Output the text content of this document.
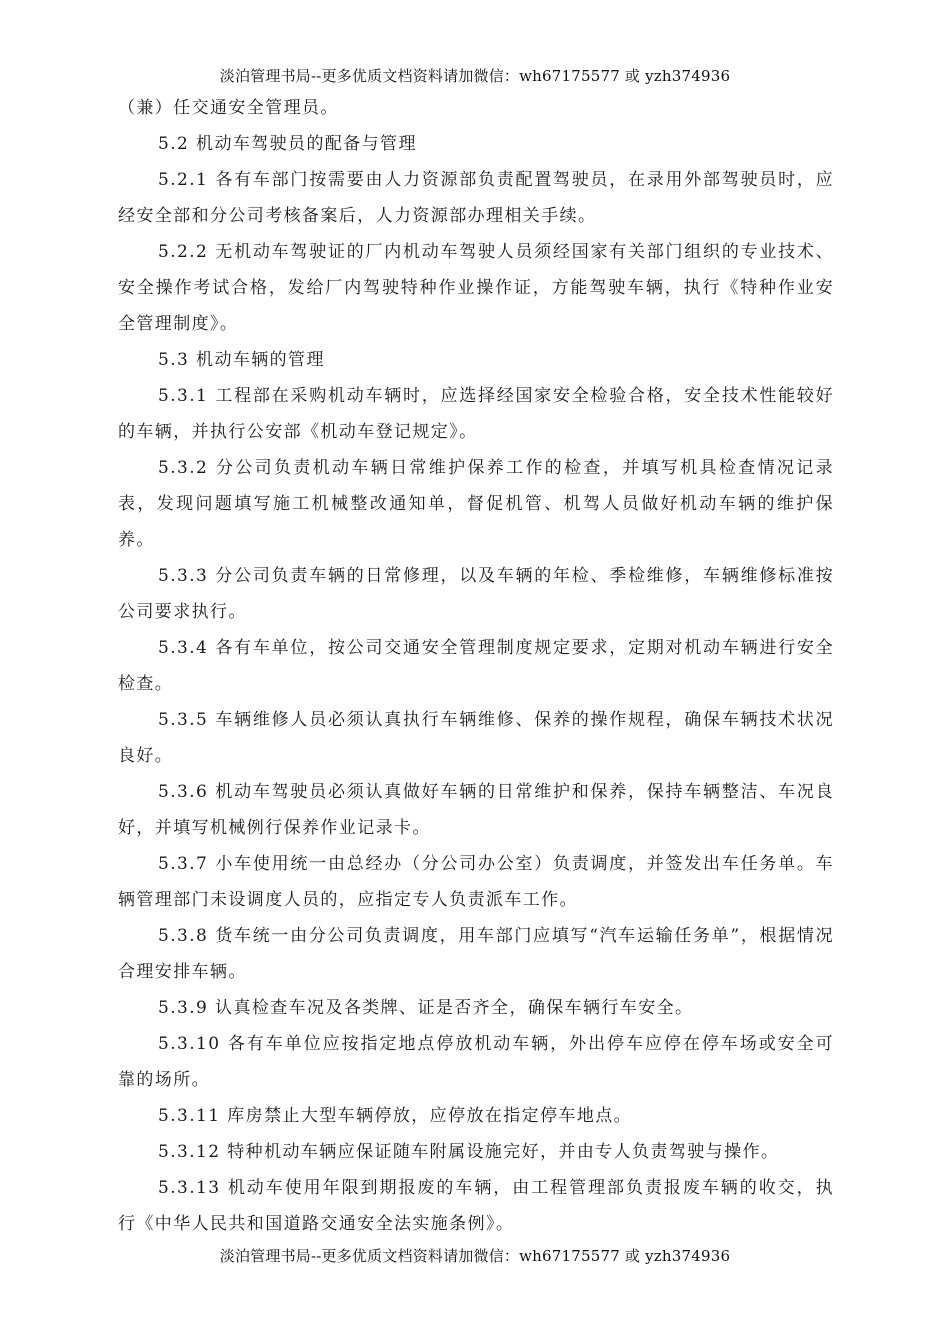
淡泊管理书局--更多优质文档资料请加微信：wh67175577 或 yzh374936

（兼）任交通安全管理员。

5.2 机动车驾驶员的配备与管理

5.2.1 各有车部门按需要由人力资源部负责配置驾驶员，在录用外部驾驶员时，应经安全部和分公司考核备案后，人力资源部办理相关手续。

5.2.2 无机动车驾驶证的厂内机动车驾驶人员须经国家有关部门组织的专业技术、安全操作考试合格，发给厂内驾驶特种作业操作证，方能驾驶车辆，执行《特种作业安全管理制度》。

5.3 机动车辆的管理

5.3.1 工程部在采购机动车辆时，应选择经国家安全检验合格，安全技术性能较好的车辆，并执行公安部《机动车登记规定》。

5.3.2 分公司负责机动车辆日常维护保养工作的检查，并填写机具检查情况记录表，发现问题填写施工机械整改通知单，督促机管、机驾人员做好机动车辆的维护保养。

5.3.3 分公司负责车辆的日常修理，以及车辆的年检、季检维修，车辆维修标准按公司要求执行。

5.3.4 各有车单位，按公司交通安全管理制度规定要求，定期对机动车辆进行安全检查。

5.3.5 车辆维修人员必须认真执行车辆维修、保养的操作规程，确保车辆技术状况良好。

5.3.6 机动车驾驶员必须认真做好车辆的日常维护和保养，保持车辆整洁、车况良好，并填写机械例行保养作业记录卡。

5.3.7 小车使用统一由总经办（分公司办公室）负责调度，并签发出车任务单。车辆管理部门未设调度人员的，应指定专人负责派车工作。

5.3.8 货车统一由分公司负责调度，用车部门应填写“汽车运输任务单”，根据情况合理安排车辆。

5.3.9 认真检查车况及各类牌、证是否齐全，确保车辆行车安全。

5.3.10 各有车单位应按指定地点停放机动车辆，外出停车应停在停车场或安全可靠的场所。

5.3.11 库房禁止大型车辆停放，应停放在指定停车地点。

5.3.12 特种机动车辆应保证随车附属设施完好，并由专人负责驾驶与操作。

5.3.13 机动车使用年限到期报废的车辆，由工程管理部负责报废车辆的收交，执行《中华人民共和国道路交通安全法实施条例》。

淡泊管理书局--更多优质文档资料请加微信：wh67175577 或 yzh374936
